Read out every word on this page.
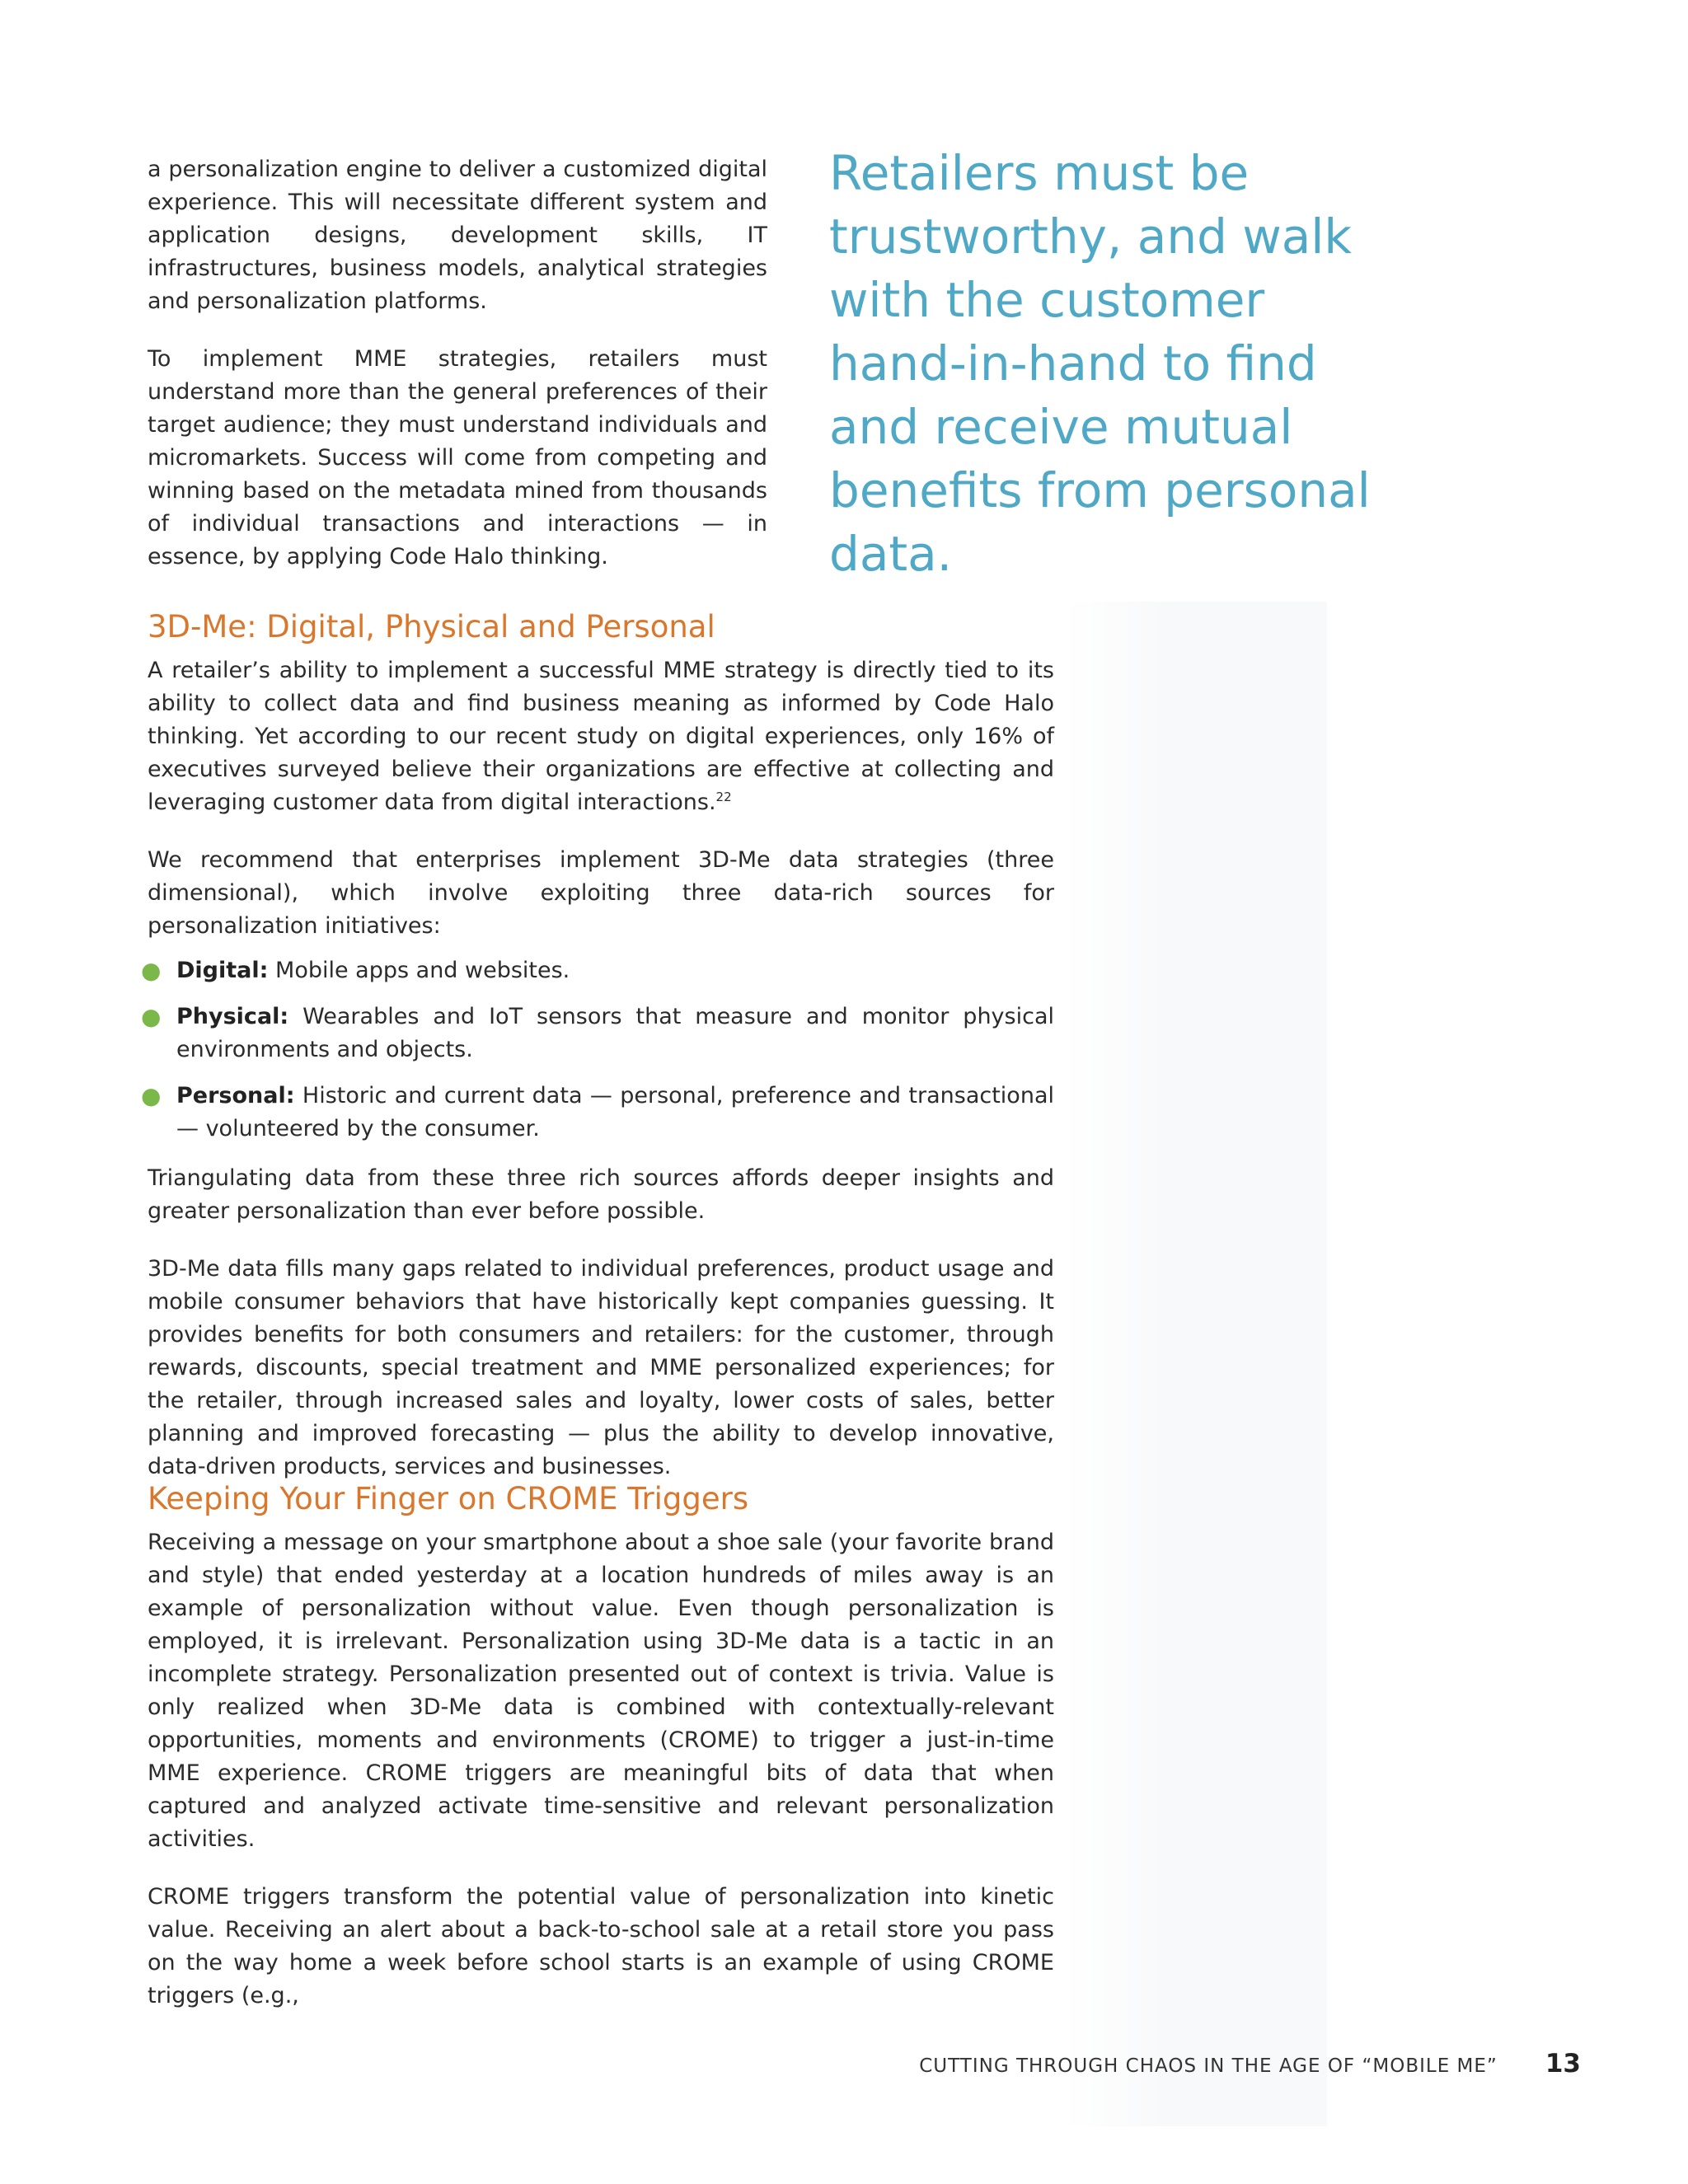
a personalization engine to deliver a customized digital experience. This will necessitate different system and application designs, development skills, IT infrastructures, business models, analytical strategies and personalization platforms.

To implement MME strategies, retailers must understand more than the general preferences of their target audience; they must understand individuals and micromarkets. Success will come from competing and winning based on the metadata mined from thousands of individual transactions and interactions — in essence, by applying Code Halo thinking.

Retailers must be trustworthy, and walk with the customer hand-in-hand to find and receive mutual benefits from personal data.
3D-Me: Digital, Physical and Personal

A retailer’s ability to implement a successful MME strategy is directly tied to its ability to collect data and find business meaning as informed by Code Halo thinking. Yet according to our recent study on digital experiences, only 16% of executives surveyed believe their organizations are effective at collecting and leveraging customer data from digital interactions.$^{22}$

We recommend that enterprises implement 3D-Me data strategies (three dimensional), which involve exploiting three data-rich sources for personalization initiatives:

● Digital: Mobile apps and websites.
● Physical: Wearables and IoT sensors that measure and monitor physical environments and objects.
● Personal: Historic and current data — personal, preference and transactional — volunteered by the consumer.

Triangulating data from these three rich sources affords deeper insights and greater personalization than ever before possible.

3D-Me data fills many gaps related to individual preferences, product usage and mobile consumer behaviors that have historically kept companies guessing. It provides benefits for both consumers and retailers: for the customer, through rewards, discounts, special treatment and MME personalized experiences; for the retailer, through increased sales and loyalty, lower costs of sales, better planning and improved forecasting — plus the ability to develop innovative, data-driven products, services and businesses.

Keeping Your Finger on CROME Triggers

Receiving a message on your smartphone about a shoe sale (your favorite brand and style) that ended yesterday at a location hundreds of miles away is an example of personalization without value. Even though personalization is employed, it is irrelevant. Personalization using 3D-Me data is a tactic in an incomplete strategy. Personalization presented out of context is trivia. Value is only realized when 3D-Me data is combined with contextually-relevant opportunities, moments and environments (CROME) to trigger a just-in-time MME experience. CROME triggers are meaningful bits of data that when captured and analyzed activate time-sensitive and relevant personalization activities.

CROME triggers transform the potential value of personalization into kinetic value. Receiving an alert about a back-to-school sale at a retail store you pass on the way home a week before school starts is an example of using CROME triggers (e.g.,

CUTTING THROUGH CHAOS IN THE AGE OF “MOBILE ME” 13
